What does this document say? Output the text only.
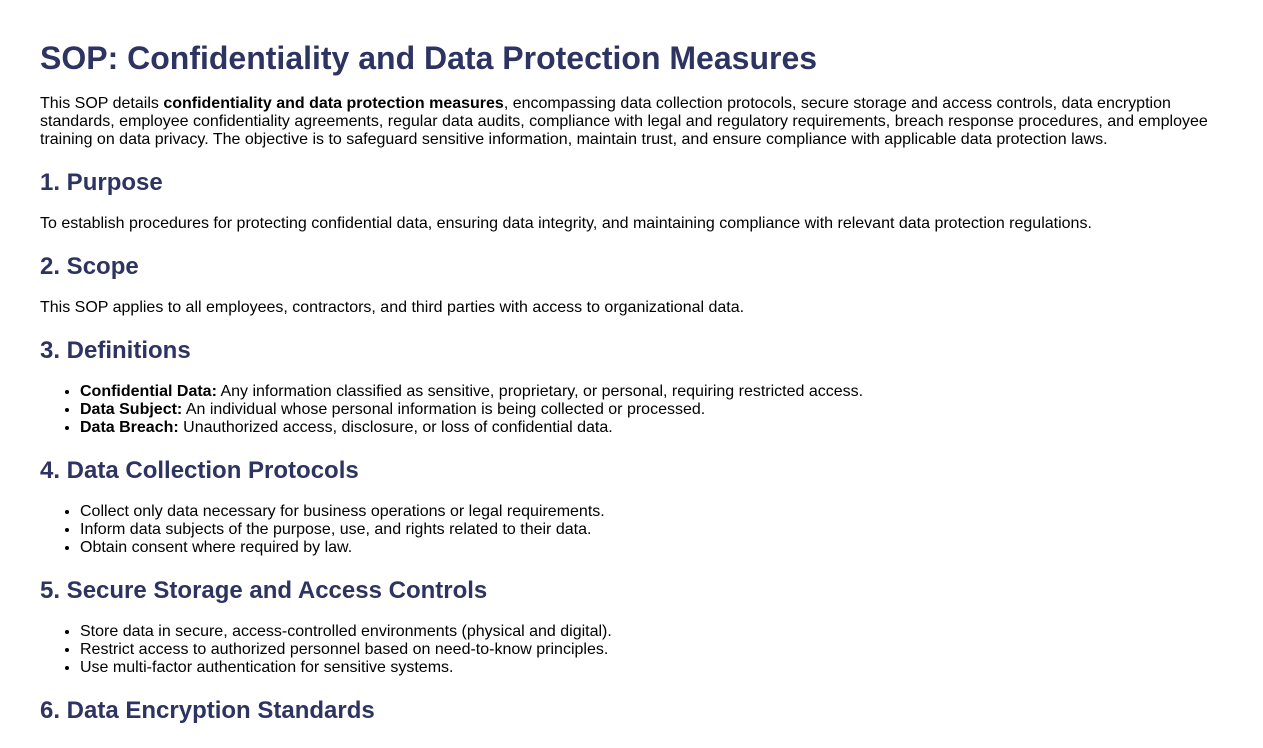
SOP: Confidentiality and Data Protection Measures

This SOP details confidentiality and data protection measures, encompassing data collection protocols, secure storage and access controls, data encryption standards, employee confidentiality agreements, regular data audits, compliance with legal and regulatory requirements, breach response procedures, and employee training on data privacy. The objective is to safeguard sensitive information, maintain trust, and ensure compliance with applicable data protection laws.

1. Purpose

To establish procedures for protecting confidential data, ensuring data integrity, and maintaining compliance with relevant data protection regulations.

2. Scope

This SOP applies to all employees, contractors, and third parties with access to organizational data.

3. Definitions
• Confidential Data: Any information classified as sensitive, proprietary, or personal, requiring restricted access.
• Data Subject: An individual whose personal information is being collected or processed.
• Data Breach: Unauthorized access, disclosure, or loss of confidential data.
4. Data Collection Protocols
• Collect only data necessary for business operations or legal requirements.
• Inform data subjects of the purpose, use, and rights related to their data.
• Obtain consent where required by law.
5. Secure Storage and Access Controls
• Store data in secure, access-controlled environments (physical and digital).
• Restrict access to authorized personnel based on need-to-know principles.
• Use multi-factor authentication for sensitive systems.
6. Data Encryption Standards
